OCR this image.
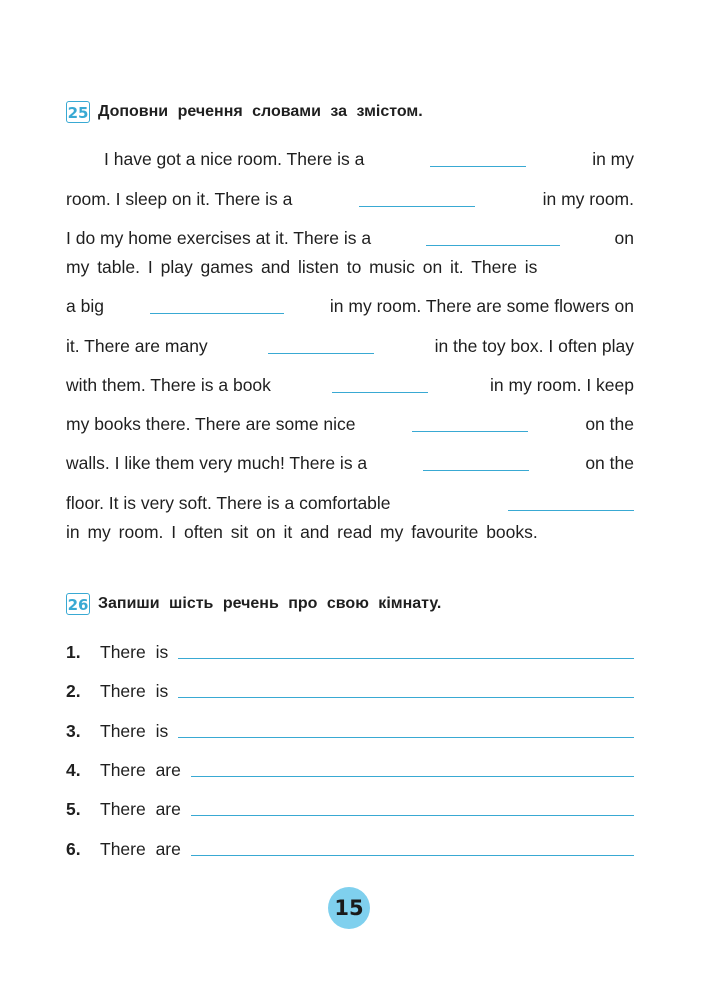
25 Доповни речення словами за змістом.
I have got a nice room. There is a	in my
room. I sleep on it. There is a	in my room.
I do my home exercises at it. There is a	on
my table. I play games and listen to music on it. There is
a big	in my room. There are some flowers on
it. There are many	in the toy box. I often play
with them. There is a book	in my room. I keep
my books there. There are some nice	on the
walls. I like them very much! There is a	on the
floor. It is very soft. There is a comfortable
in my room. I often sit on it and read my favourite books.
26 Запиши шість речень про свою кімнату.
1.	There is
2.	There is
3.	There is
4.	There are
5.	There are
6.	There are
15
